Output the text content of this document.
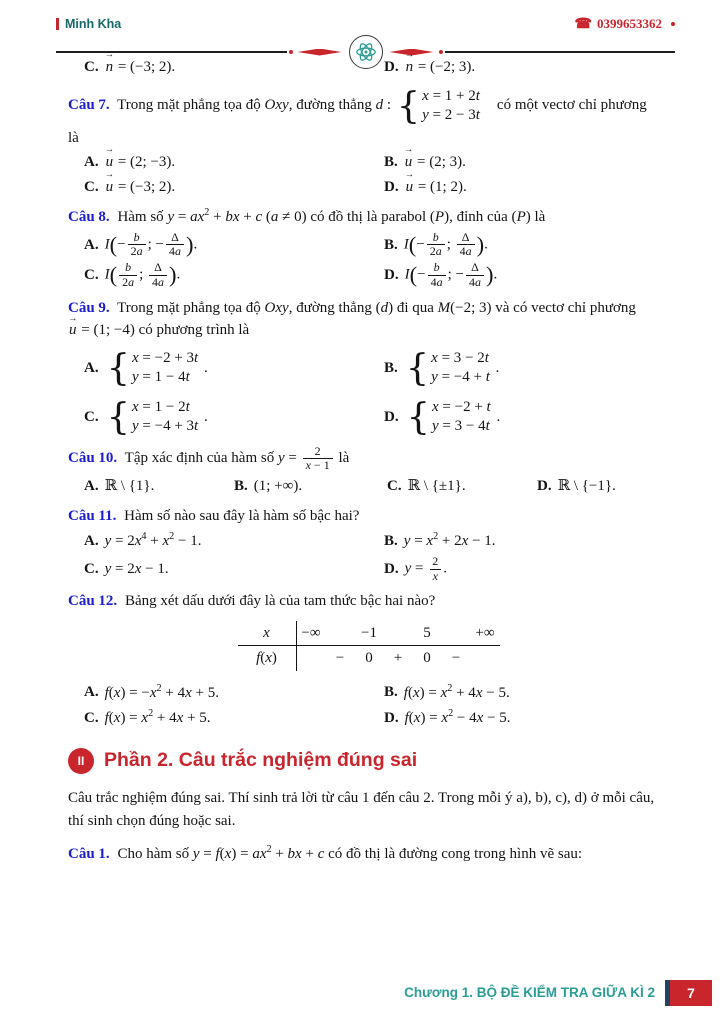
Minh Kha	☎ 0399653362
C. n → = (−3; 2).	D. n → = (−2; 3).
Câu 7. Trong mặt phẳng tọa độ Oxy, đường thẳng d : { x = 1 + 2t
y = 2 − 3t
có một vectơ chỉ phương
là
A. u → = (2; −3).	B. u → = (2; 3).
C. u → = (−3; 2).	D. u → = (1; 2).
Câu 8. Hàm số $y = ax^2$ + bx + c (a ≠ 0) có đồ thị là parabol (P), đỉnh của (P) là
A. $I(- \frac{b}{2a}$ ; − $\frac{\Delta}{4a}$ ).	B. $I(- \frac{b}{2a}$ ; $\frac{\Delta}{4a}$ ).
C. $I( \frac{b}{2a}$ ; $\frac{\Delta}{4a}$ ).	D. $I(- \frac{b}{4a}$ ; − $\frac{\Delta}{4a}$ ).
Câu 9. Trong mặt phẳng tọa độ Oxy, đường thẳng (d) đi qua M(−2; 3) và có vectơ chỉ phương
u → = (1; −4) có phương trình là
A. { x = −2 + 3t
y = 1 − 4t
.	B. { x = 3 − 2t
y = −4 + t
.
C. { x = 1 − 2t
y = −4 + 3t
.	D. { x = −2 + t
y = 3 − 4t
.
Câu 10. Tập xác định của hàm số $y = \frac{2}{x - 1}$ là
A. ℝ \ {1}.	B. (1; +∞).	C. ℝ \ {±1}.	D. ℝ \ {−1}.
Câu 11. Hàm số nào sau đây là hàm số bậc hai?
A. $y = 2x^4 + x^2 - 1$.	B. $y = x^2 + 2x - 1$.
C. y = 2x − 1.	D. $y = \frac{2}{x}$ .
Câu 12. Bảng xét dấu dưới đây là của tam thức bậc hai nào?
x	−∞	−1	5	+∞
f(x)	−	0	+	0	−
A. $f(x) = -x^2 + 4x + 5$.	B. $f(x) = x^2 + 4x - 5$.
C. $f(x) = x^2 + 4x + 5$.	D. $f(x) = x^2 - 4x - 5$.
II	Phần 2. Câu trắc nghiệm đúng sai
Câu trắc nghiệm đúng sai. Thí sinh trả lời từ câu 1 đến câu 2. Trong mỗi ý a), b), c), d) ở mỗi câu, thí sinh chọn đúng hoặc sai.
Câu 1. Cho hàm số $y = f(x) = ax^2$ + bx + c có đồ thị là đường cong trong hình vẽ sau:
Chương 1. BỘ ĐỀ KIỂM TRA GIỮA KÌ 2	7
